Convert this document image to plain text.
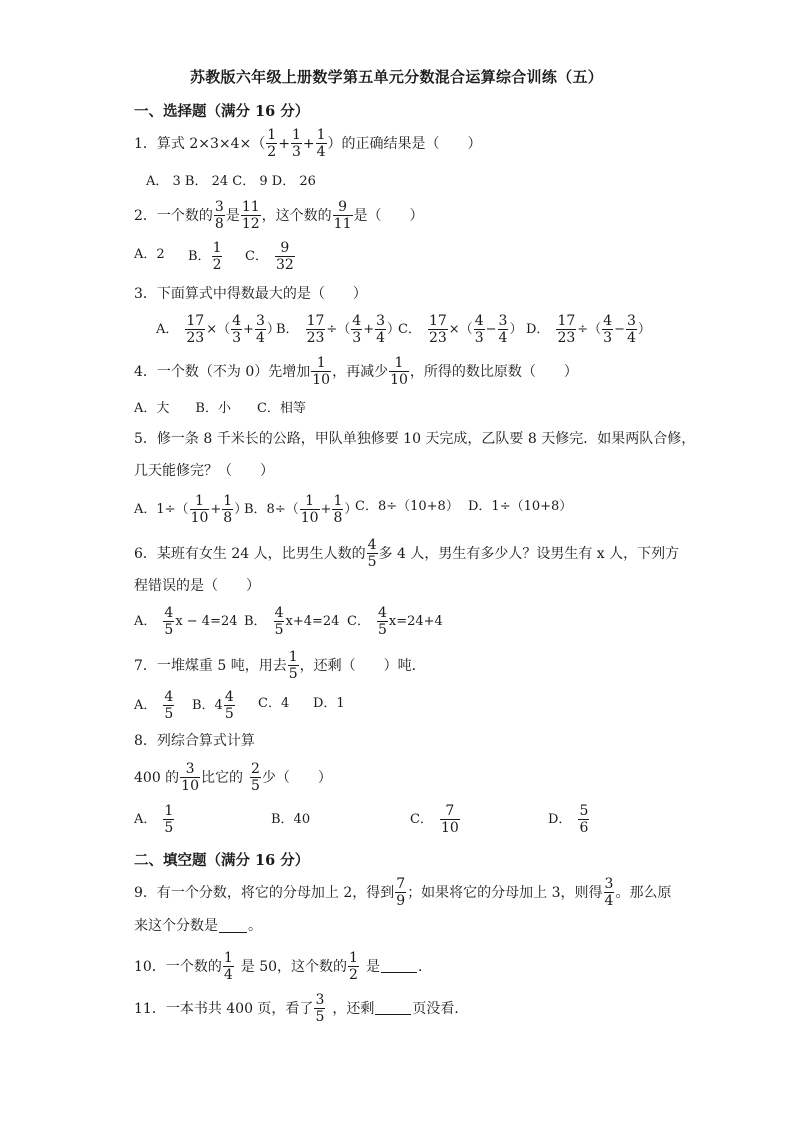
苏教版六年级上册数学第五单元分数混合运算综合训练（五）
一、选择题（满分 16 分）
1．算式 $2\times 3\times 4\times( \frac{1}{2} + \frac{1}{3} + \frac{1}{4}$ ）的正确结果是（　　）
A． 3 B． 24 C． 9 D． 26
2．一个数的 $\frac{3}{8}$ 是 $\frac{11}{12}$ ，这个数的 $\frac{9}{11}$ 是（　　）
A．2 B． $\frac{1}{2}$ C． $\frac{9}{32}$
3．下面算式中得数最大的是（　　）
A． $\frac{17}{23}$ ×（ $\frac{4}{3} + \frac{3}{4}$ ）
B． $\frac{17}{23}$ ÷（ $\frac{4}{3} + \frac{3}{4}$ ）
C． $\frac{17}{23}$ ×（ $\frac{4}{3} - \frac{3}{4}$ ） D． $\frac{17}{23}$ ÷（ $\frac{4}{3} - \frac{3}{4}$ ）
4．一个数（不为 0）先增加 $\frac{1}{10}$ ，再减少 $\frac{1}{10}$ ，所得的数比原数（　　）
A．大　　B．小　　C．相等
5．修一条 8 千米长的公路，甲队单独修要 10 天完成，乙队要 8 天修完．如果两队合修，
几天能修完？（　　）
A．$1\div( \frac{1}{10} + \frac{1}{8}$ ）
B．$8\div( \frac{1}{10} + \frac{1}{8}$ ）
C．8÷（10+8） D．1÷（10+8）
6．某班有女生 24 人，比男生人数的 $\frac{4}{5}$ 多 4 人，男生有多少人？设男生有 x 人，下列方
程错误的是（　　）
A． $\frac{4}{5}$ x − 4=24 B． $\frac{4}{5} x+4=24$ C． $\frac{4}{5} x=24+4$
7．一堆煤重 5 吨，用去 $\frac{1}{5}$ ，还剩（　　）吨．
A． $\frac{4}{5}$ B．$4 \frac{4}{5}$ C．4 D．1
8．列综合算式计算
400 的 $\frac{3}{10}$ 比它的 $\frac{2}{5}$ 少（　　）
A． $\frac{1}{5}$	B．40	C． $\frac{7}{10}$	D． $\frac{5}{6}$
二、填空题（满分 16 分）
9．有一个分数，将它的分母加上 2，得到 $\frac{7}{9}$ ；如果将它的分母加上 3，则得 $\frac{3}{4}$ 。那么原
来这个分数是 。
10．一个数的 $\frac{1}{4}$ 是 50，这个数的 $\frac{1}{2}$ 是	．
11．一本书共 400 页，看了 $\frac{3}{5}$ ，还剩	页没看．
